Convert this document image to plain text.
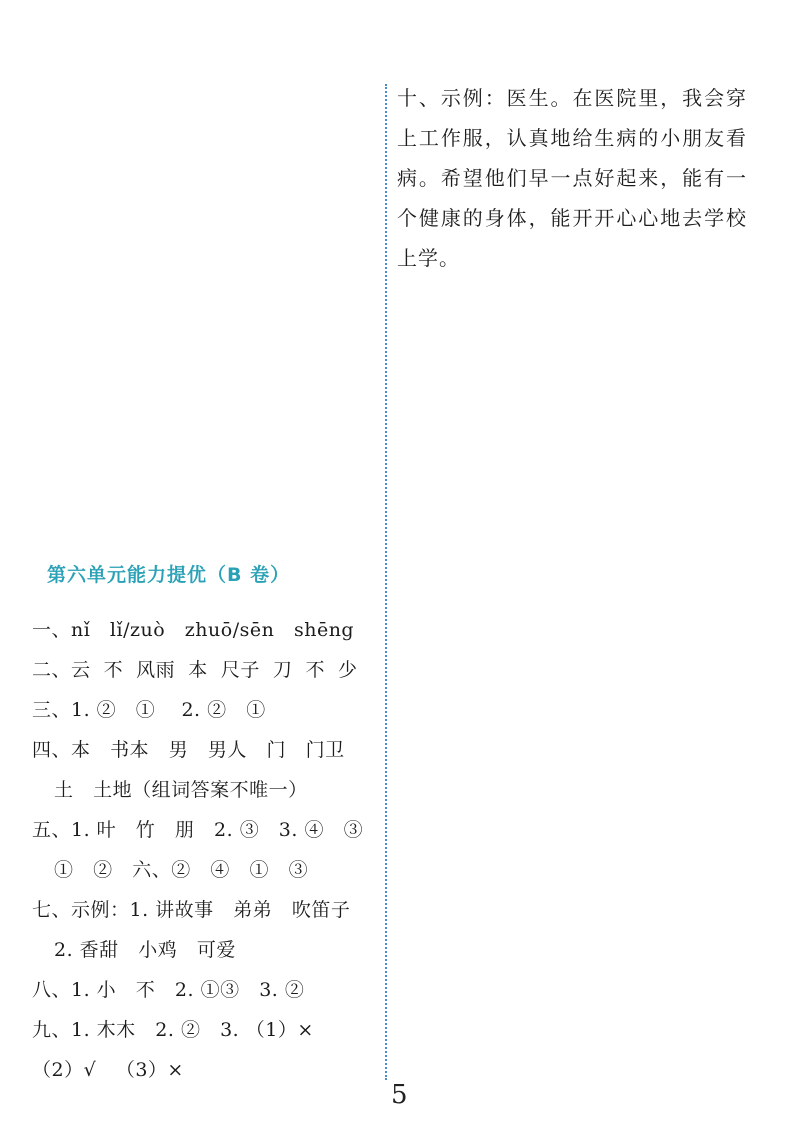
十、示例：医生。在医院里，我会穿上工作服，认真地给生病的小朋友看病。希望他们早一点好起来，能有一个健康的身体，能开开心心地去学校上学。

第六单元能力提优（B 卷）
一、nǐ   lǐ/zuò   zhuō/sēn   shēng
二、云  不  风雨  本  尺子  刀  不  少
三、1. ②   ①    2. ②   ①
四、本   书本   男   男人   门   门卫
土   土地（组词答案不唯一）
五、1. 叶   竹   朋   2. ③   3. ④   ③
①   ②   六、②   ④   ①   ③
七、示例：1. 讲故事   弟弟   吹笛子
2. 香甜   小鸡   可爱
八、1. 小   不   2. ①③   3. ②
九、1. 木木   2. ②   3. （1）×
（2）√   （3）×
5
